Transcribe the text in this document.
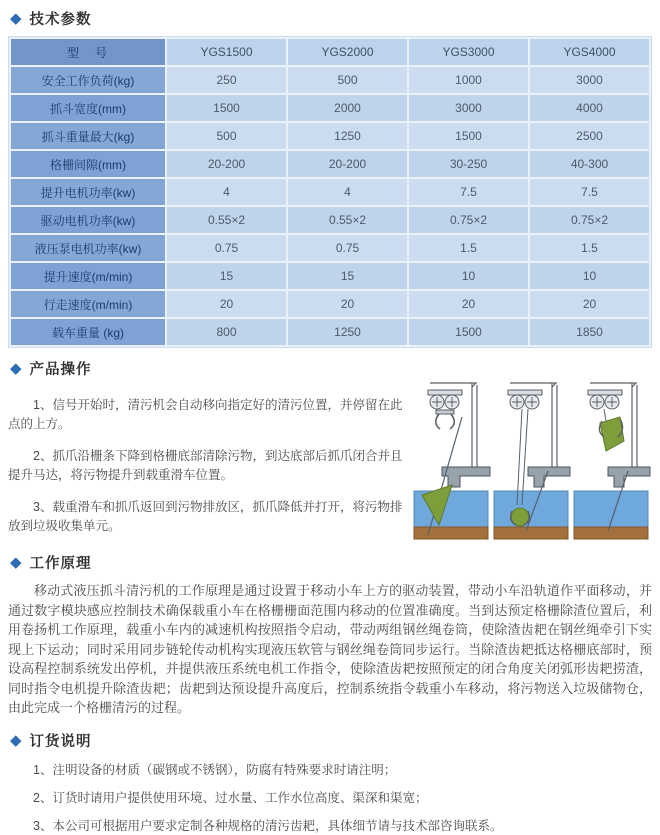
◆ 技术参数
型　号	YGS1500	YGS2000	YGS3000	YGS4000
安全工作负荷(kg)	250	500	1000	3000
抓斗宽度(mm)	1500	2000	3000	4000
抓斗重量最大(kg)	500	1250	1500	2500
格栅间隙(mm)	20-200	20-200	30-250	40-300
提升电机功率(kw)	4	4	7.5	7.5
驱动电机功率(kw)	0.55×2	0.55×2	0.75×2	0.75×2
液压泵电机功率(kw)	0.75	0.75	1.5	1.5
提升速度(m/min)	15	15	10	10
行走速度(m/min)	20	20	20	20
载车重量 (kg)	800	1250	1500	1850
◆ 产品操作

1、信号开始时，清污机会自动移向指定好的清污位置，并停留在此点的上方。

2、抓爪沿栅条下降到格栅底部清除污物，到达底部后抓爪闭合并且提升马达，将污物提升到载重滑车位置。

3、载重滑车和抓爪返回到污物排放区，抓爪降低并打开，将污物排放到垃圾收集单元。

◆ 工作原理

移动式液压抓斗清污机的工作原理是通过设置于移动小车上方的驱动装置，带动小车沿轨道作平面移动，并通过数字模块感应控制技术确保载重小车在格栅栅面范围内移动的位置准确度。当到达预定格栅除渣位置后，利用卷扬机工作原理，载重小车内的减速机构按照指令启动，带动两组钢丝绳卷筒，使除渣齿耙在钢丝绳牵引下实现上下运动；同时采用同步链轮传动机构实现液压软管与钢丝绳卷筒同步运行。当除渣齿耙抵达格栅底部时，预设高程控制系统发出停机，并提供液压系统电机工作指令，使除渣齿耙按照预定的闭合角度关闭弧形齿耙捞渣，同时指令电机提升除渣齿耙；齿耙到达预设提升高度后，控制系统指令载重小车移动，将污物送入垃圾储物仓，由此完成一个格栅清污的过程。

◆ 订货说明

1、注明设备的材质（碳钢或不锈钢），防腐有特殊要求时请注明；

2、订货时请用户提供使用环境、过水量、工作水位高度、渠深和渠宽；

3、本公司可根据用户要求定制各种规格的清污齿耙，具体细节请与技术部咨询联系。
